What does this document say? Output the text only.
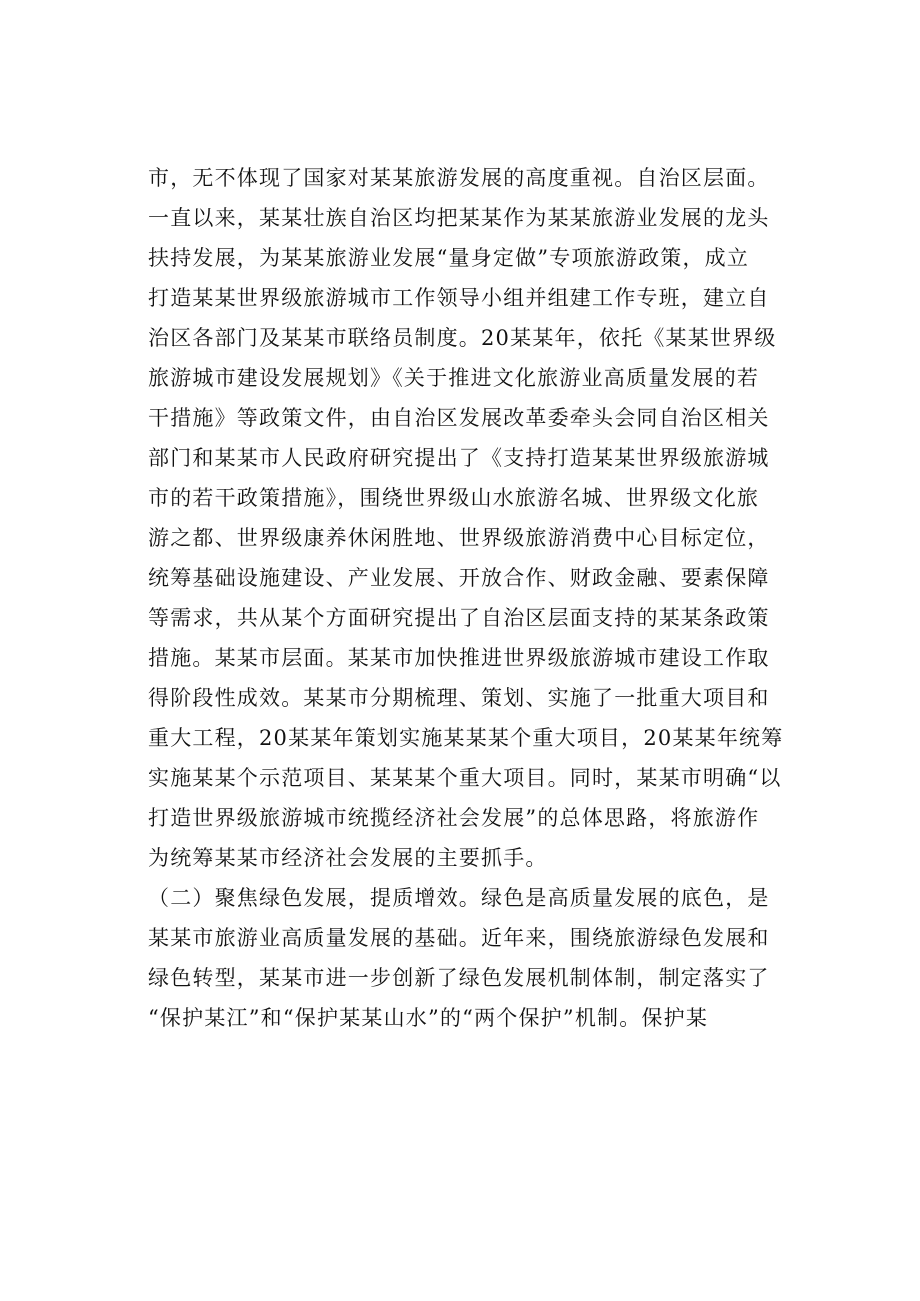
市，无不体现了国家对某某旅游发展的高度重视。自治区层面。
一直以来，某某壮族自治区均把某某作为某某旅游业发展的龙头
扶持发展，为某某旅游业发展“量身定做”专项旅游政策，成立
打造某某世界级旅游城市工作领导小组并组建工作专班，建立自
治区各部门及某某市联络员制度。20某某年，依托《某某世界级
旅游城市建设发展规划》《关于推进文化旅游业高质量发展的若
干措施》等政策文件，由自治区发展改革委牵头会同自治区相关
部门和某某市人民政府研究提出了《支持打造某某世界级旅游城
市的若干政策措施》，围绕世界级山水旅游名城、世界级文化旅
游之都、世界级康养休闲胜地、世界级旅游消费中心目标定位，
统筹基础设施建设、产业发展、开放合作、财政金融、要素保障
等需求，共从某个方面研究提出了自治区层面支持的某某条政策
措施。某某市层面。某某市加快推进世界级旅游城市建设工作取
得阶段性成效。某某市分期梳理、策划、实施了一批重大项目和
重大工程，20某某年策划实施某某某个重大项目，20某某年统筹
实施某某个示范项目、某某某个重大项目。同时，某某市明确“以
打造世界级旅游城市统揽经济社会发展”的总体思路，将旅游作
为统筹某某市经济社会发展的主要抓手。
（二）聚焦绿色发展，提质增效。绿色是高质量发展的底色，是
某某市旅游业高质量发展的基础。近年来，围绕旅游绿色发展和
绿色转型，某某市进一步创新了绿色发展机制体制，制定落实了
“保护某江”和“保护某某山水”的“两个保护”机制。保护某
